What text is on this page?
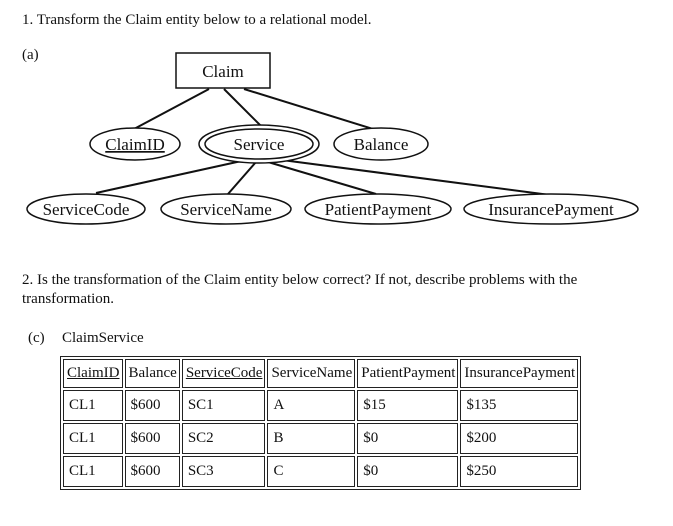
1. Transform the Claim entity below to a relational model.
(a)
Claim
ClaimID	Service	Balance
ServiceCode	ServiceName	PatientPayment	InsurancePayment
2. Is the transformation of the Claim entity below correct? If not, describe problems with the transformation.
(c) ClaimService
ClaimID	Balance	ServiceCode	ServiceName	PatientPayment	InsurancePayment
CL1	$600	SC1	A	$15	$135
CL1	$600	SC2	B	$0	$200
CL1	$600	SC3	C	$0	$250
